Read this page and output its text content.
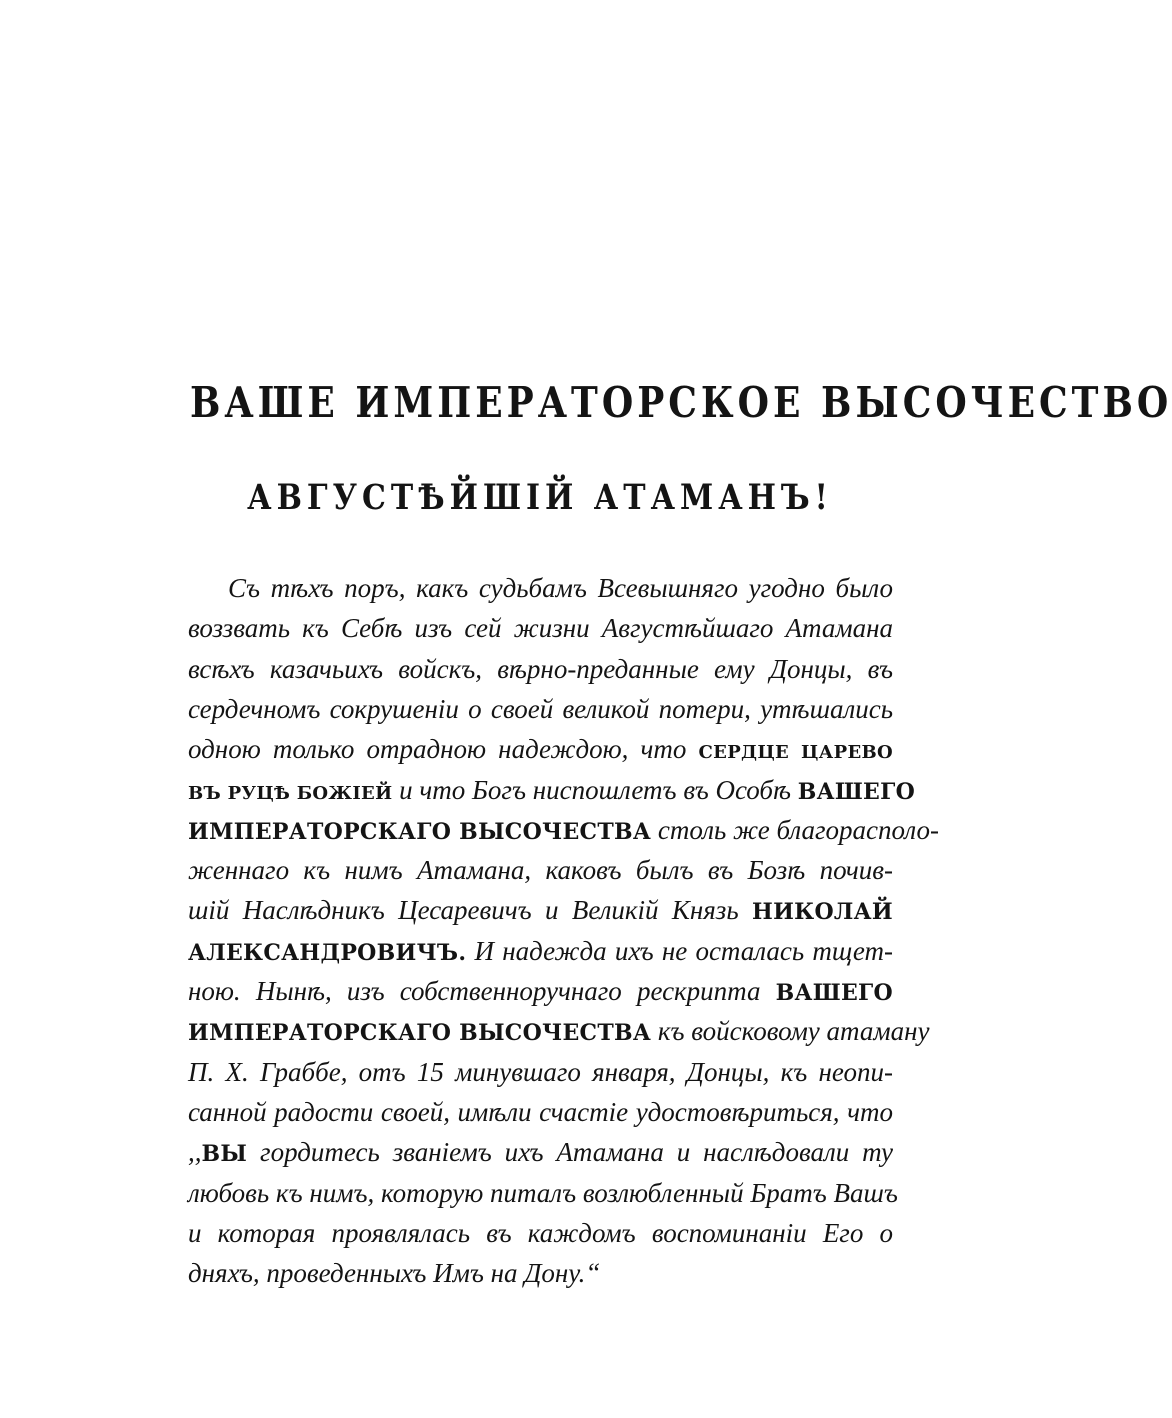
ВАШЕ ИМПЕРАТОРСКОЕ ВЫСОЧЕСТВО
АВГУСТѢЙШІЙ АТАМАНЪ!
Съ тѣхъ поръ, какъ судьбамъ Всевышняго угодно было
воззвать къ Себѣ изъ сей жизни Августѣйшаго Атамана
всѣхъ казачьихъ войскъ, вѣрно-преданные ему Донцы, въ
сердечномъ сокрушеніи о своей великой потери, утѣшались
одною только отрадною надеждою, что СЕРДЦЕ ЦАРЕВО
ВЪ РУЦѢ БОЖІЕЙ и что Богъ ниспошлетъ въ Особѣ ВАШЕГО
ИМПЕРАТОРСКАГО ВЫСОЧЕСТВА столь же благорасполо-
женнаго къ нимъ Атамана, каковъ былъ въ Бозѣ почив-
шій Наслѣдникъ Цесаревичъ и Великій Князь НИКОЛАЙ
АЛЕКСАНДРОВИЧЪ. И надежда ихъ не осталась тщет-
ною. Нынѣ, изъ собственноручнаго рескрипта ВАШЕГО
ИМПЕРАТОРСКАГО ВЫСОЧЕСТВА къ войсковому атаману
П. Х. Граббе, отъ 15 минувшаго января, Донцы, къ неопи-
санной радости своей, имѣли счастіе удостовѣриться, что
,,ВЫ гордитесь званіемъ ихъ Атамана и наслѣдовали ту
любовь къ нимъ, которую питалъ возлюбленный Братъ Вашъ
и которая проявлялась въ каждомъ воспоминаніи Его о
дняхъ, проведенныхъ Имъ на Дону.“
